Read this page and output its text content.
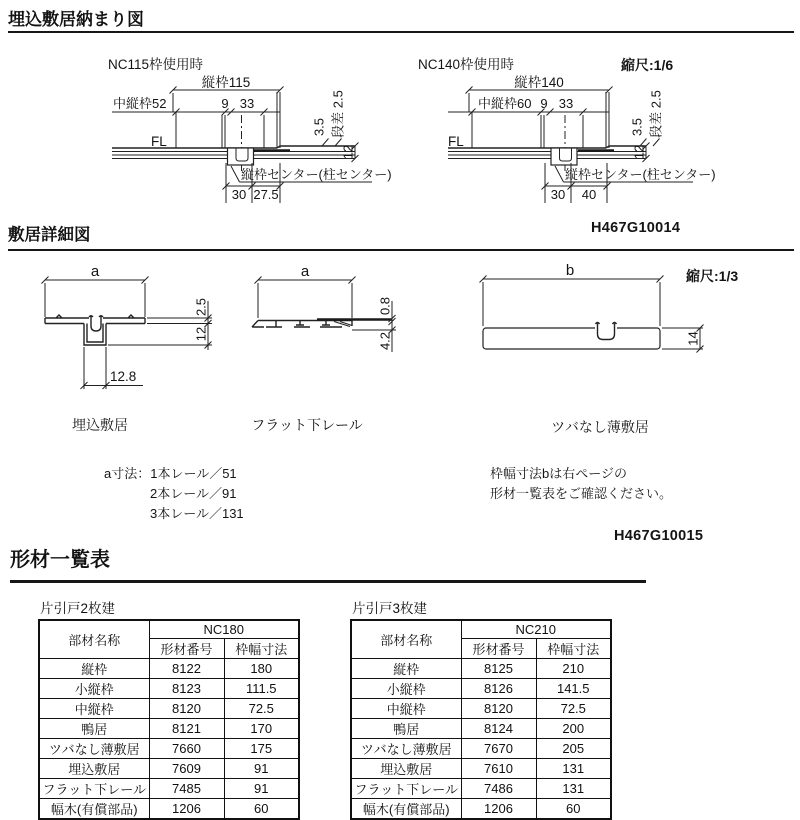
埋込敷居納まり図
NC115枠使用時
縦枠115
中縦枠52	9 33
FL
12
3.5 段差 2.5
縦枠センター(柱センター)
30 27.5
NC140枠使用時	縮尺:1/6
縦枠140
中縦枠60 9 33
FL
12
3.5 段差 2.5
縦枠センター(柱センター)
30 40
H467G10014
敷居詳細図
a
2.5
12
12.8
埋込敷居
a
0.8
4.2
フラット下レール
b
14
ツバなし薄敷居
縮尺:1/3
a寸法：1本レール／51
2本レール／91
3本レール／131
枠幅寸法bは右ページの
形材一覧表をご確認ください。
H467G10015
形材一覧表
片引戸2枚建
部材名称	NC180	
	形材番号	枠幅寸法
縦枠	8122	180
小縦枠	8123	111.5
中縦枠	8120	72.5
鴨居	8121	170
ツバなし薄敷居	7660	175
埋込敷居	7609	91
フラット下レール	7485	91
幅木(有償部品)	1206	60
片引戸3枚建
部材名称	NC210	
	形材番号	枠幅寸法
縦枠	8125	210
小縦枠	8126	141.5
中縦枠	8120	72.5
鴨居	8124	200
ツバなし薄敷居	7670	205
埋込敷居	7610	131
フラット下レール	7486	131
幅木(有償部品)	1206	60
